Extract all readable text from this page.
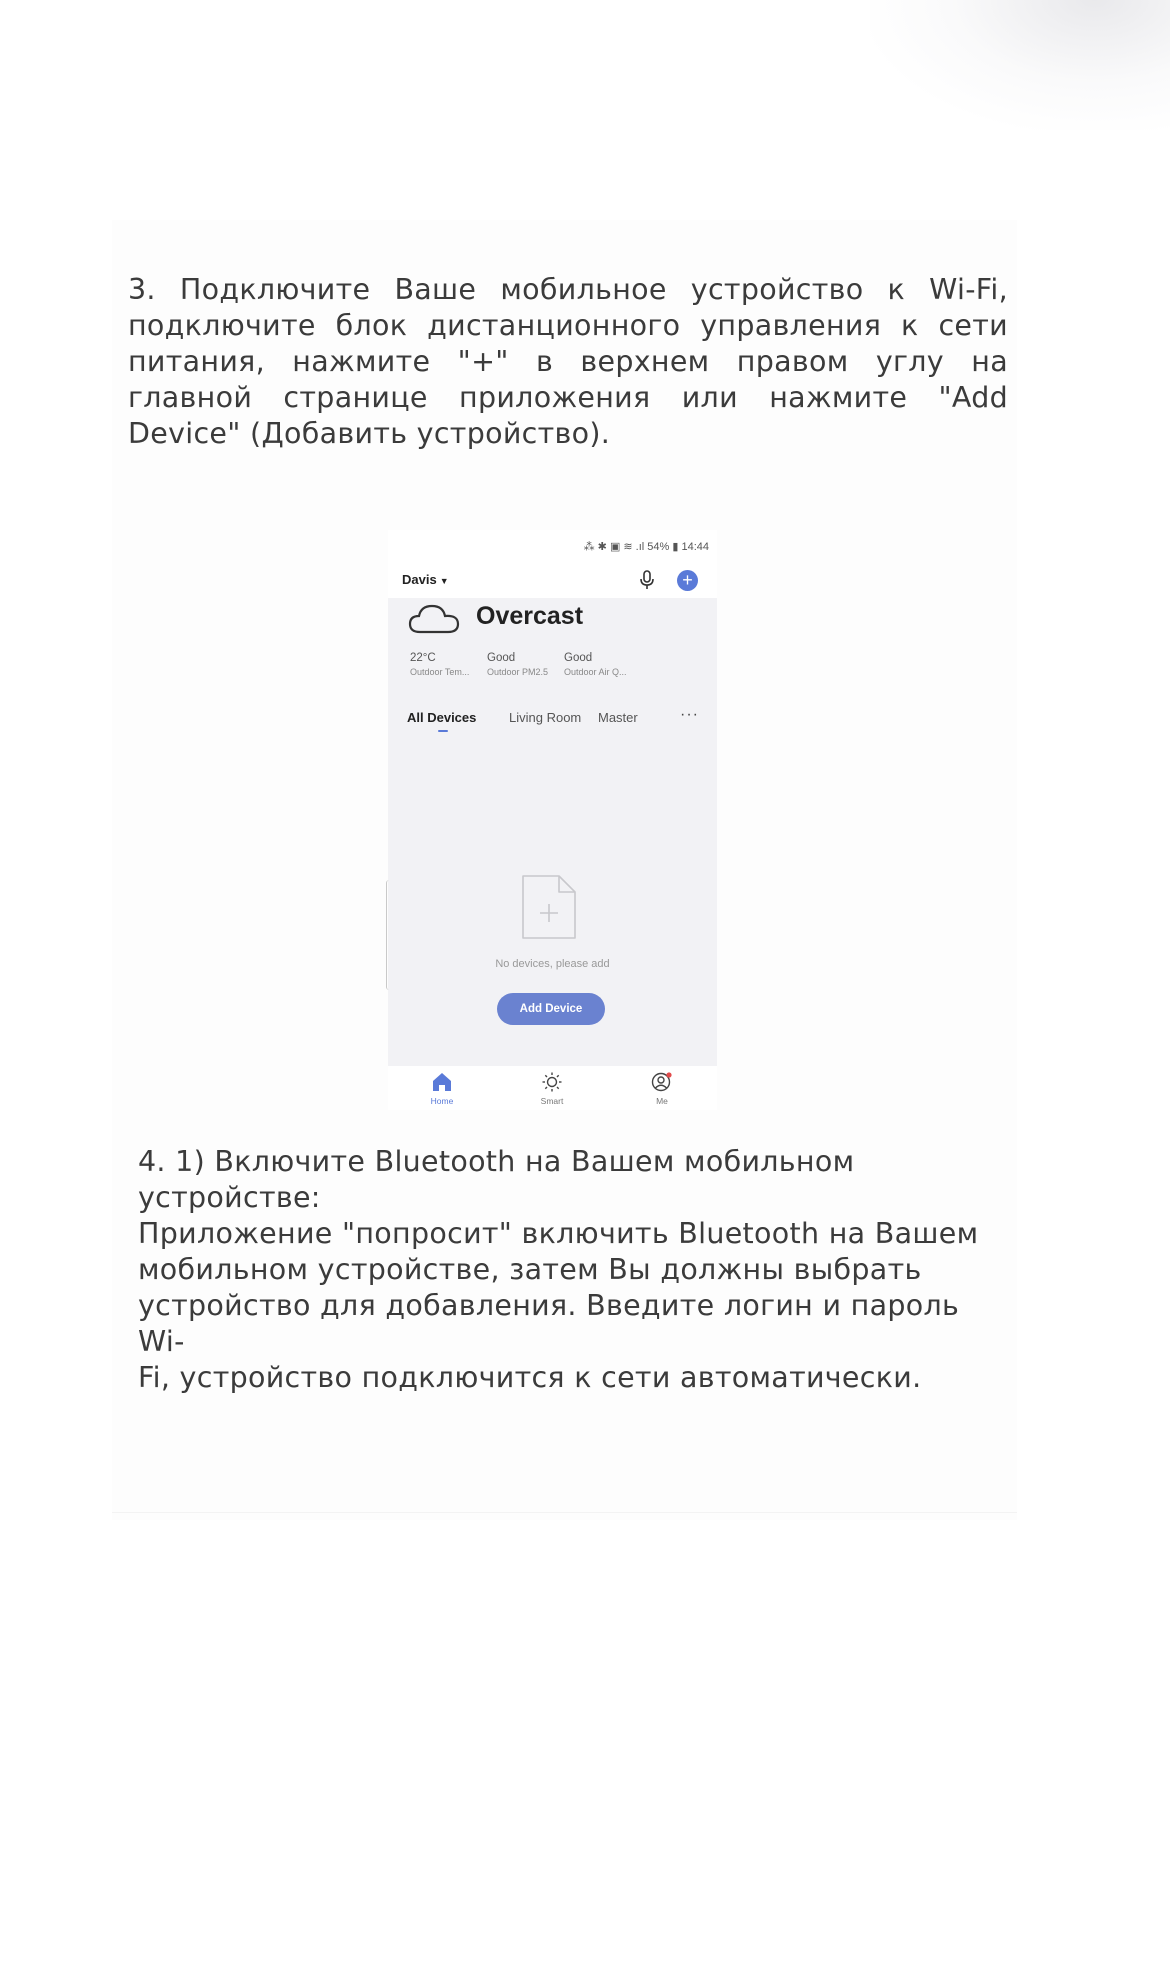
3. Подключите Ваше мобильное устройство к Wi-Fi, подключите блок дистанционного управления к сети питания, нажмите "+" в верхнем правом углу на главной странице приложения или нажмите "Add Device" (Добавить устройство).

⁂ ✱ ▣ ≋ .ıl 54% ▮ 14:44
Davis ▼	+
Overcast
22°C
Outdoor Tem...
Good
Outdoor PM2.5
Good
Outdoor Air Q...
All Devices	Living Room Master	···
No devices, please add
Add Device
Home	Smart	Me

4. 1) Включите Bluetooth на Вашем мобильном
устройстве:
Приложение "попросит" включить Bluetooth на Вашем
мобильном устройстве, затем Вы должны выбрать
устройство для добавления. Введите логин и пароль Wi-
Fi, устройство подключится к сети автоматически.
